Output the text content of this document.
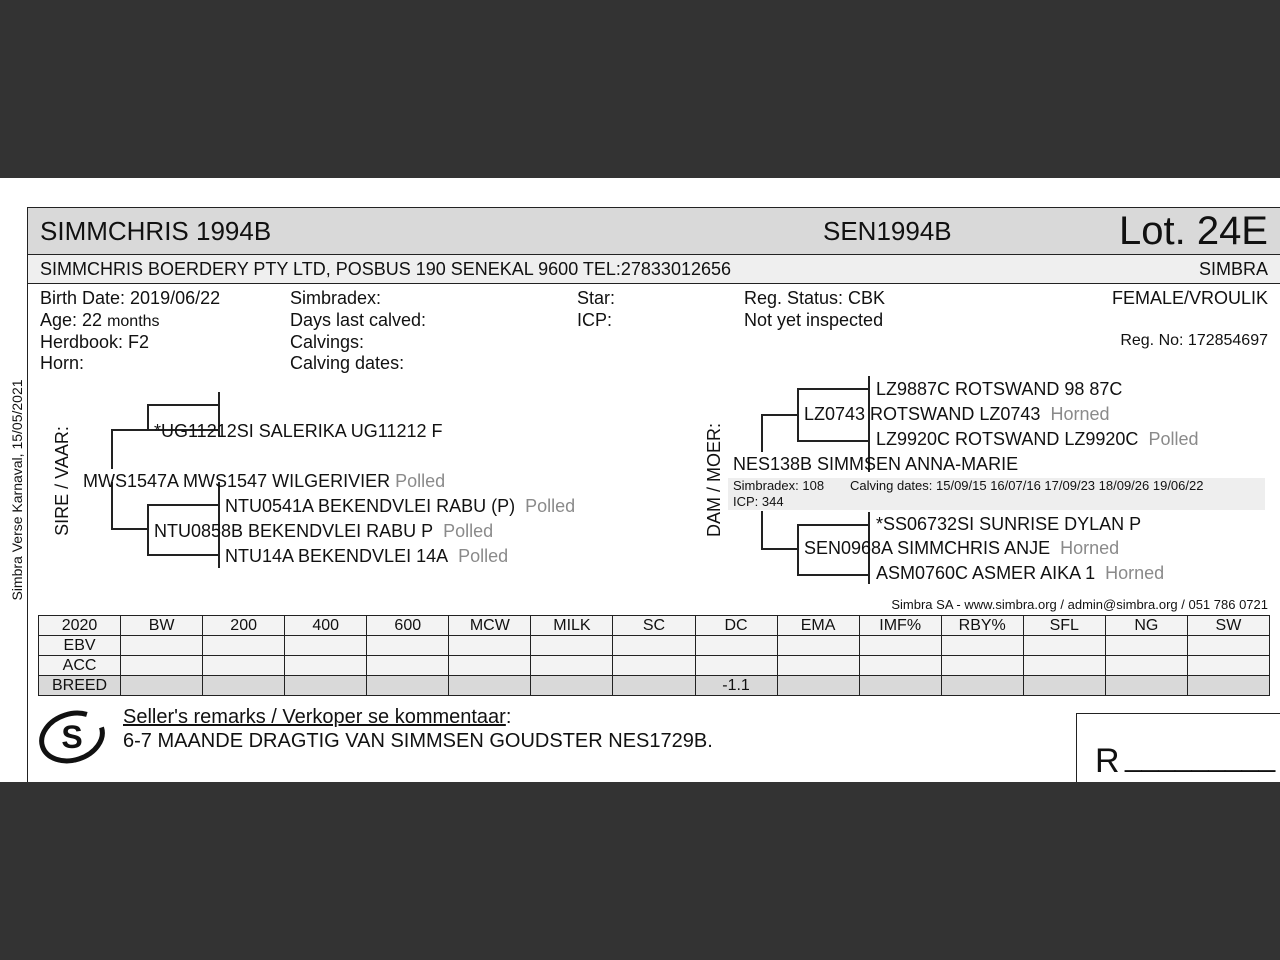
Simbra Verse Karnaval, 15/05/2021
SIMMCHRIS 1994B	SEN1994B	Lot. 24E
SIMMCHRIS BOERDERY PTY LTD, POSBUS 190 SENEKAL 9600 TEL:27833012656	SIMBRA
Birth Date: 2019/06/22
Age: 22 months
Herdbook: F2
Horn:
Simbradex:
Days last calved:
Calvings:
Calving dates:
Star:
ICP:
Reg. Status: CBK
Not yet inspected
FEMALE/VROULIK
Reg. No: 172854697
SIRE / VAAR:	*UG11212SI SALERIKA UG11212 F
MWS1547A MWS1547 WILGERIVIER Polled
NTU0541A BEKENDVLEI RABU (P) Polled
NTU0858B BEKENDVLEI RABU P Polled
NTU14A BEKENDVLEI 14A Polled
DAM / MOER:
LZ9887C ROTSWAND 98 87C
LZ0743 ROTSWAND LZ0743 Horned
LZ9920C ROTSWAND LZ9920C Polled
NES138B SIMMSEN ANNA-MARIE
Simbradex: 108 Calving dates: 15/09/15 16/07/16 17/09/23 18/09/26 19/06/22
ICP: 344
*SS06732SI SUNRISE DYLAN P
SEN0968A SIMMCHRIS ANJE Horned
ASM0760C ASMER AIKA 1 Horned
Simbra SA - www.simbra.org / admin@simbra.org / 051 786 0721
2020	BW	200	400	600	MCW	MILK	SC	DC	EMA	IMF%	RBY%	SFL	NG	SW
EBV														
ACC														
BREED								-1.1						
S
Seller's remarks / Verkoper se kommentaar:
6-7 MAANDE DRAGTIG VAN SIMMSEN GOUDSTER NES1729B.
R _________
